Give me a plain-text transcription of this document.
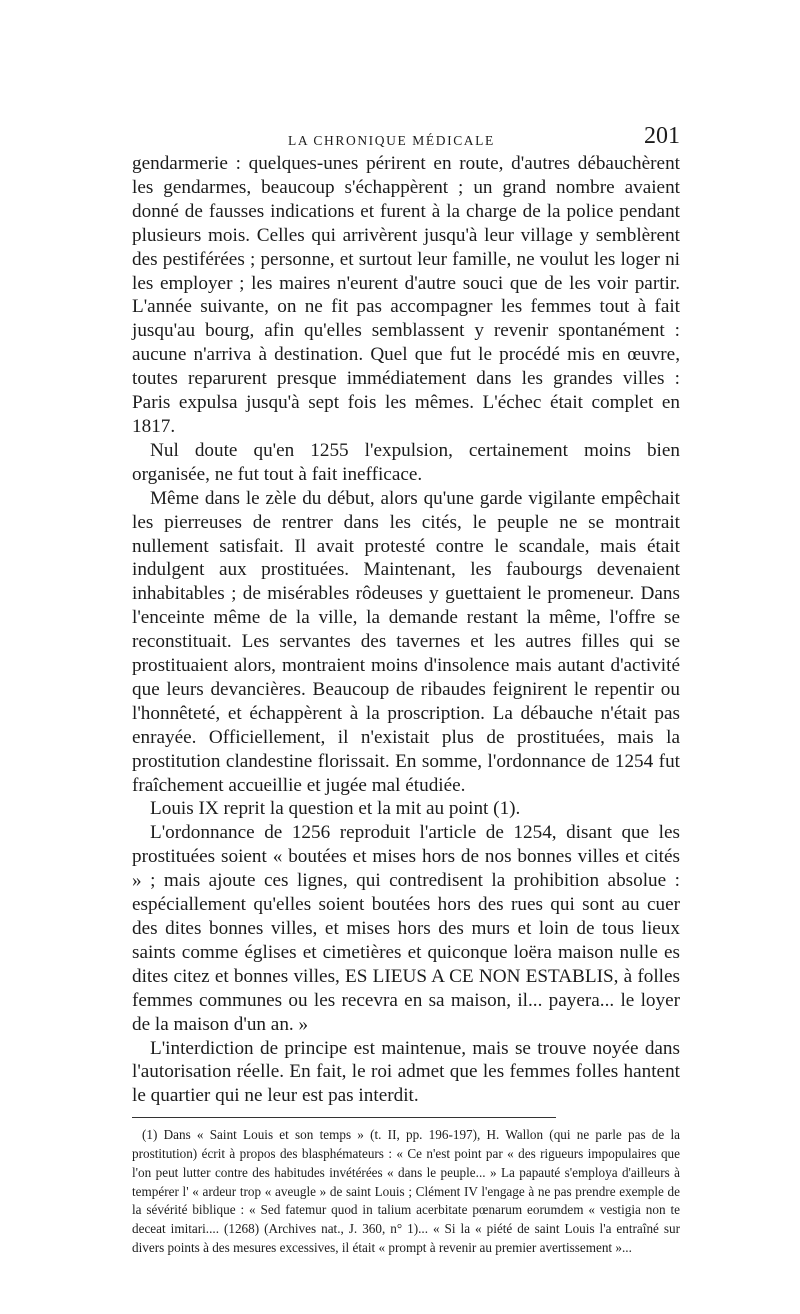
LA CHRONIQUE MÉDICALE	201

gendarmerie : quelques-unes périrent en route, d'autres débauchèrent les gendarmes, beaucoup s'échappèrent ; un grand nombre avaient donné de fausses indications et furent à la charge de la police pendant plusieurs mois. Celles qui arrivèrent jusqu'à leur village y semblèrent des pestiférées ; personne, et surtout leur famille, ne voulut les loger ni les employer ; les maires n'eurent d'autre souci que de les voir partir. L'année suivante, on ne fit pas accompagner les femmes tout à fait jusqu'au bourg, afin qu'elles semblassent y revenir spontanément : aucune n'arriva à destination. Quel que fut le procédé mis en œuvre, toutes reparurent presque immédiatement dans les grandes villes : Paris expulsa jusqu'à sept fois les mêmes. L'échec était complet en 1817.

Nul doute qu'en 1255 l'expulsion, certainement moins bien organisée, ne fut tout à fait inefficace.

Même dans le zèle du début, alors qu'une garde vigilante empêchait les pierreuses de rentrer dans les cités, le peuple ne se montrait nullement satisfait. Il avait protesté contre le scandale, mais était indulgent aux prostituées. Maintenant, les faubourgs devenaient inhabitables ; de misérables rôdeuses y guettaient le promeneur. Dans l'enceinte même de la ville, la demande restant la même, l'offre se reconstituait. Les servantes des tavernes et les autres filles qui se prostituaient alors, montraient moins d'insolence mais autant d'activité que leurs devancières. Beaucoup de ribaudes feignirent le repentir ou l'honnêteté, et échappèrent à la proscription. La débauche n'était pas enrayée. Officiellement, il n'existait plus de prostituées, mais la prostitution clandestine florissait. En somme, l'ordonnance de 1254 fut fraîchement accueillie et jugée mal étudiée.

Louis IX reprit la question et la mit au point (1).

L'ordonnance de 1256 reproduit l'article de 1254, disant que les prostituées soient « boutées et mises hors de nos bonnes villes et cités » ; mais ajoute ces lignes, qui contredisent la prohibition absolue : espéciallement qu'elles soient boutées hors des rues qui sont au cuer des dites bonnes villes, et mises hors des murs et loin de tous lieux saints comme églises et cimetières et quiconque loëra maison nulle es dites citez et bonnes villes, ES LIEUS A CE NON ESTABLIS, à folles femmes communes ou les recevra en sa maison, il... payera... le loyer de la maison d'un an. »

L'interdiction de principe est maintenue, mais se trouve noyée dans l'autorisation réelle. En fait, le roi admet que les femmes folles hantent le quartier qui ne leur est pas interdit.

(1) Dans « Saint Louis et son temps » (t. II, pp. 196-197), H. Wallon (qui ne parle pas de la prostitution) écrit à propos des blasphémateurs : « Ce n'est point par « des rigueurs impopulaires que l'on peut lutter contre des habitudes invétérées « dans le peuple... » La papauté s'employa d'ailleurs à tempérer l' « ardeur trop « aveugle » de saint Louis ; Clément IV l'engage à ne pas prendre exemple de la sévérité biblique : « Sed fatemur quod in talium acerbitate pœnarum eorumdem « vestigia non te deceat imitari.... (1268) (Archives nat., J. 360, n° 1)... « Si la « piété de saint Louis l'a entraîné sur divers points à des mesures excessives, il était « prompt à revenir au premier avertissement »...
